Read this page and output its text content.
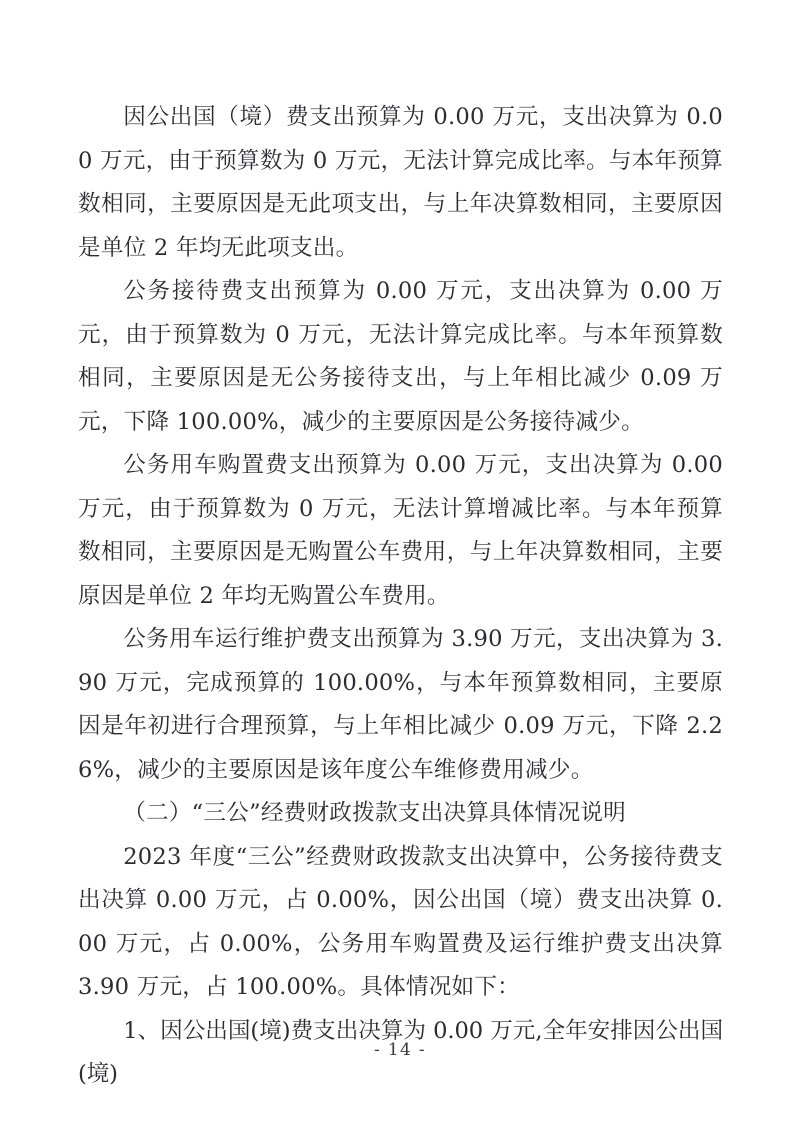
因公出国（境）费支出预算为 0.00 万元，支出决算为 0.00 万元，由于预算数为 0 万元，无法计算完成比率。与本年预算数相同，主要原因是无此项支出，与上年决算数相同，主要原因是单位 2 年均无此项支出。

公务接待费支出预算为 0.00 万元，支出决算为 0.00 万元，由于预算数为 0 万元，无法计算完成比率。与本年预算数相同，主要原因是无公务接待支出，与上年相比减少 0.09 万元，下降 100.00%，减少的主要原因是公务接待减少。

公务用车购置费支出预算为 0.00 万元，支出决算为 0.00 万元，由于预算数为 0 万元，无法计算增减比率。与本年预算数相同，主要原因是无购置公车费用，与上年决算数相同，主要原因是单位 2 年均无购置公车费用。

公务用车运行维护费支出预算为 3.90 万元，支出决算为 3.90 万元，完成预算的 100.00%，与本年预算数相同，主要原因是年初进行合理预算，与上年相比减少 0.09 万元，下降 2.26%，减少的主要原因是该年度公车维修费用减少。

（二）“三公”经费财政拨款支出决算具体情况说明

2023 年度“三公”经费财政拨款支出决算中，公务接待费支出决算 0.00 万元，占 0.00%，因公出国（境）费支出决算 0.00 万元，占 0.00%，公务用车购置费及运行维护费支出决算 3.90 万元，占 100.00%。具体情况如下：

1、因公出国(境)费支出决算为 0.00 万元,全年安排因公出国(境)

- 14 -
